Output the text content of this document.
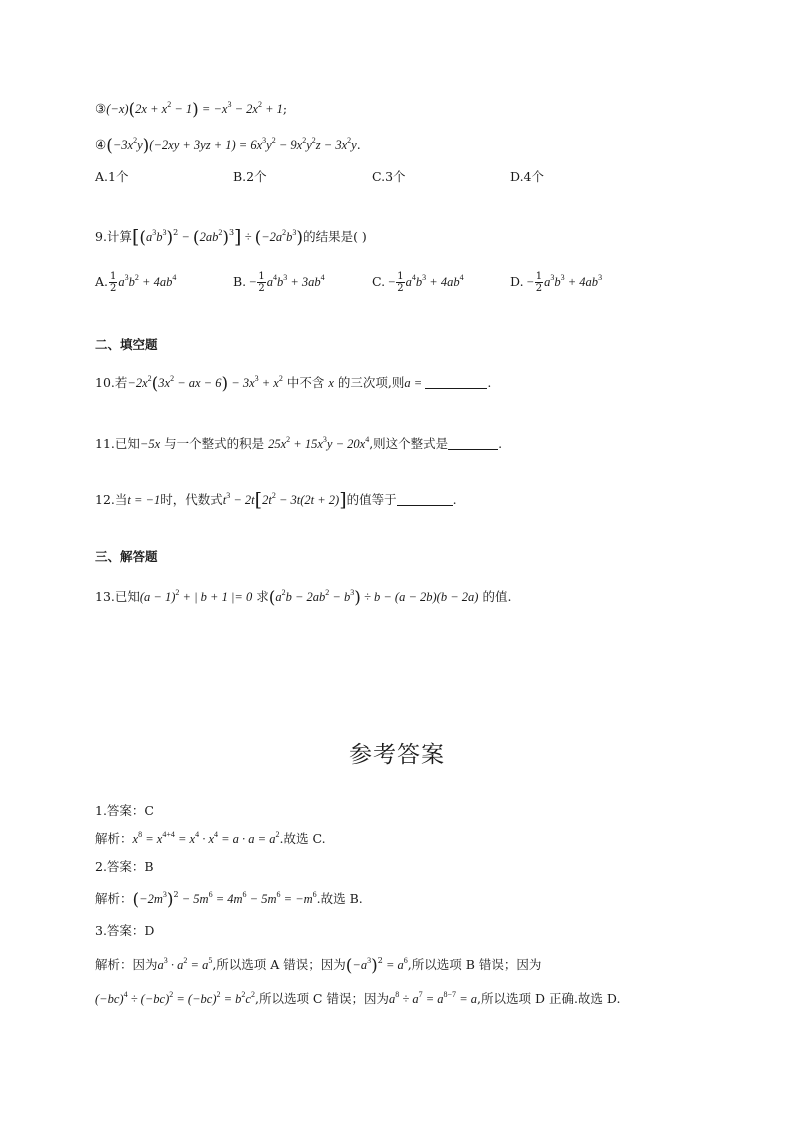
③(−x)(2x + $x^2 - 1) = -x^3 - 2x^2 + 1$;
$④(-3x^2y)(-2xy + 3yz + 1) = 6x^3y^2 - 9x^2y^2z - 3x^2y$.
A.1个	B.2个	C.3个	D.4个
9.计算$[(a^3b^3)^2 - (2ab^2)^3] \div (-2a^2b^3)$的结果是( )
A. $\frac{1}{2} a^3b^2 + 4ab^4$	B. − $\frac{1}{2} a^4b^3 + 3ab^4$	C. − $\frac{1}{2} a^4b^3 + 4ab^4$	D. − $\frac{1}{2} a^3b^3 + 4ab^3$
二、填空题
10.若$-2x^2(3x^2$ − ax − $6) - 3x^3 + x^2$ 中不含 x 的三次项,则a =	.
11.已知−5x 与一个整式的积是 $25x^2 + 15x^3y - 20x^4$,则这个整式是	.
12.当t = −1时，代数式$t^3 - 2t[2t^2 - 3t(2t + 2)]$的值等于	.
三、解答题
13.已知$(a - 1)^2$ + | b + 1 |= 0 求$(a^2b - 2ab^2 - b^3) \div b - (a - 2b)(b - 2a)$ 的值.
参考答案
1.答案：C
解析：$x^8 = x^{4+4} = x^4 \cdot x^4 = a \cdot a = a^2$.故选 C.
2.答案：B
解析：$(-2m^3)^2 - 5m^6 = 4m^6 - 5m^6 = -m^6$.故选 B.
3.答案：D
解析：因为$a^3 \cdot a^2 = a^5$,所以选项 A 错误；因为$(-a^3)^2 = a^6$,所以选项 B 错误；因为
$(-bc)^4 \div (-bc)^2 = (-bc)^2 = b^2c^2$,所以选项 C 错误；因为$a^8 \div a^7 = a^{8-7} = a$,所以选项 D 正确.故选 D.
